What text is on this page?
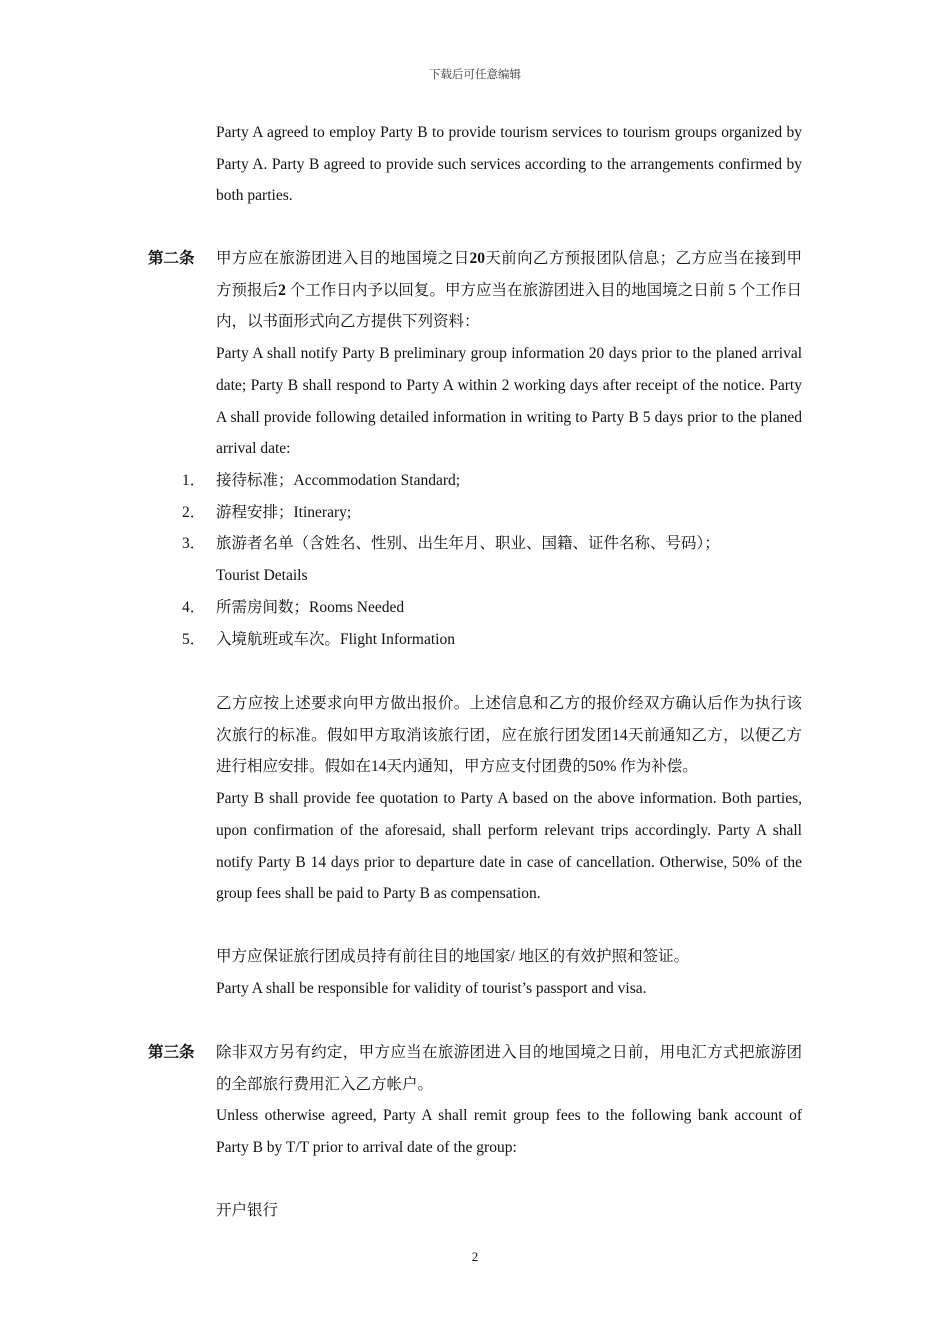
下载后可任意编辑

Party A agreed to employ Party B to provide tourism services to tourism groups organized by Party A. Party B agreed to provide such services according to the arrangements confirmed by both parties.

第二条 甲方应在旅游团进入目的地国境之日20天前向乙方预报团队信息；乙方应当在接到甲方预报后2 个工作日内予以回复。甲方应当在旅游团进入目的地国境之日前 5 个工作日内，以书面形式向乙方提供下列资料：

Party A shall notify Party B preliminary group information 20 days prior to the planed arrival date; Party B shall respond to Party A within 2 working days after receipt of the notice. Party A shall provide following detailed information in writing to Party B 5 days prior to the planed arrival date:

1． 接待标准；Accommodation Standard;
2． 游程安排；Itinerary;
3． 旅游者名单（含姓名、性别、出生年月、职业、国籍、证件名称、号码）；
Tourist Details
4． 所需房间数；Rooms Needed
5． 入境航班或车次。Flight Information

乙方应按上述要求向甲方做出报价。上述信息和乙方的报价经双方确认后作为执行该次旅行的标准。假如甲方取消该旅行团，应在旅行团发团14天前通知乙方，以便乙方进行相应安排。假如在14天内通知，甲方应支付团费的50% 作为补偿。

Party B shall provide fee quotation to Party A based on the above information. Both parties, upon confirmation of the aforesaid, shall perform relevant trips accordingly. Party A shall notify Party B 14 days prior to departure date in case of cancellation. Otherwise, 50% of the group fees shall be paid to Party B as compensation.

甲方应保证旅行团成员持有前往目的地国家/ 地区的有效护照和签证。

Party A shall be responsible for validity of tourist’s passport and visa.

第三条 除非双方另有约定，甲方应当在旅游团进入目的地国境之日前，用电汇方式把旅游团的全部旅行费用汇入乙方帐户。

Unless otherwise agreed, Party A shall remit group fees to the following bank account of Party B by T/T prior to arrival date of the group:

开户银行

2
